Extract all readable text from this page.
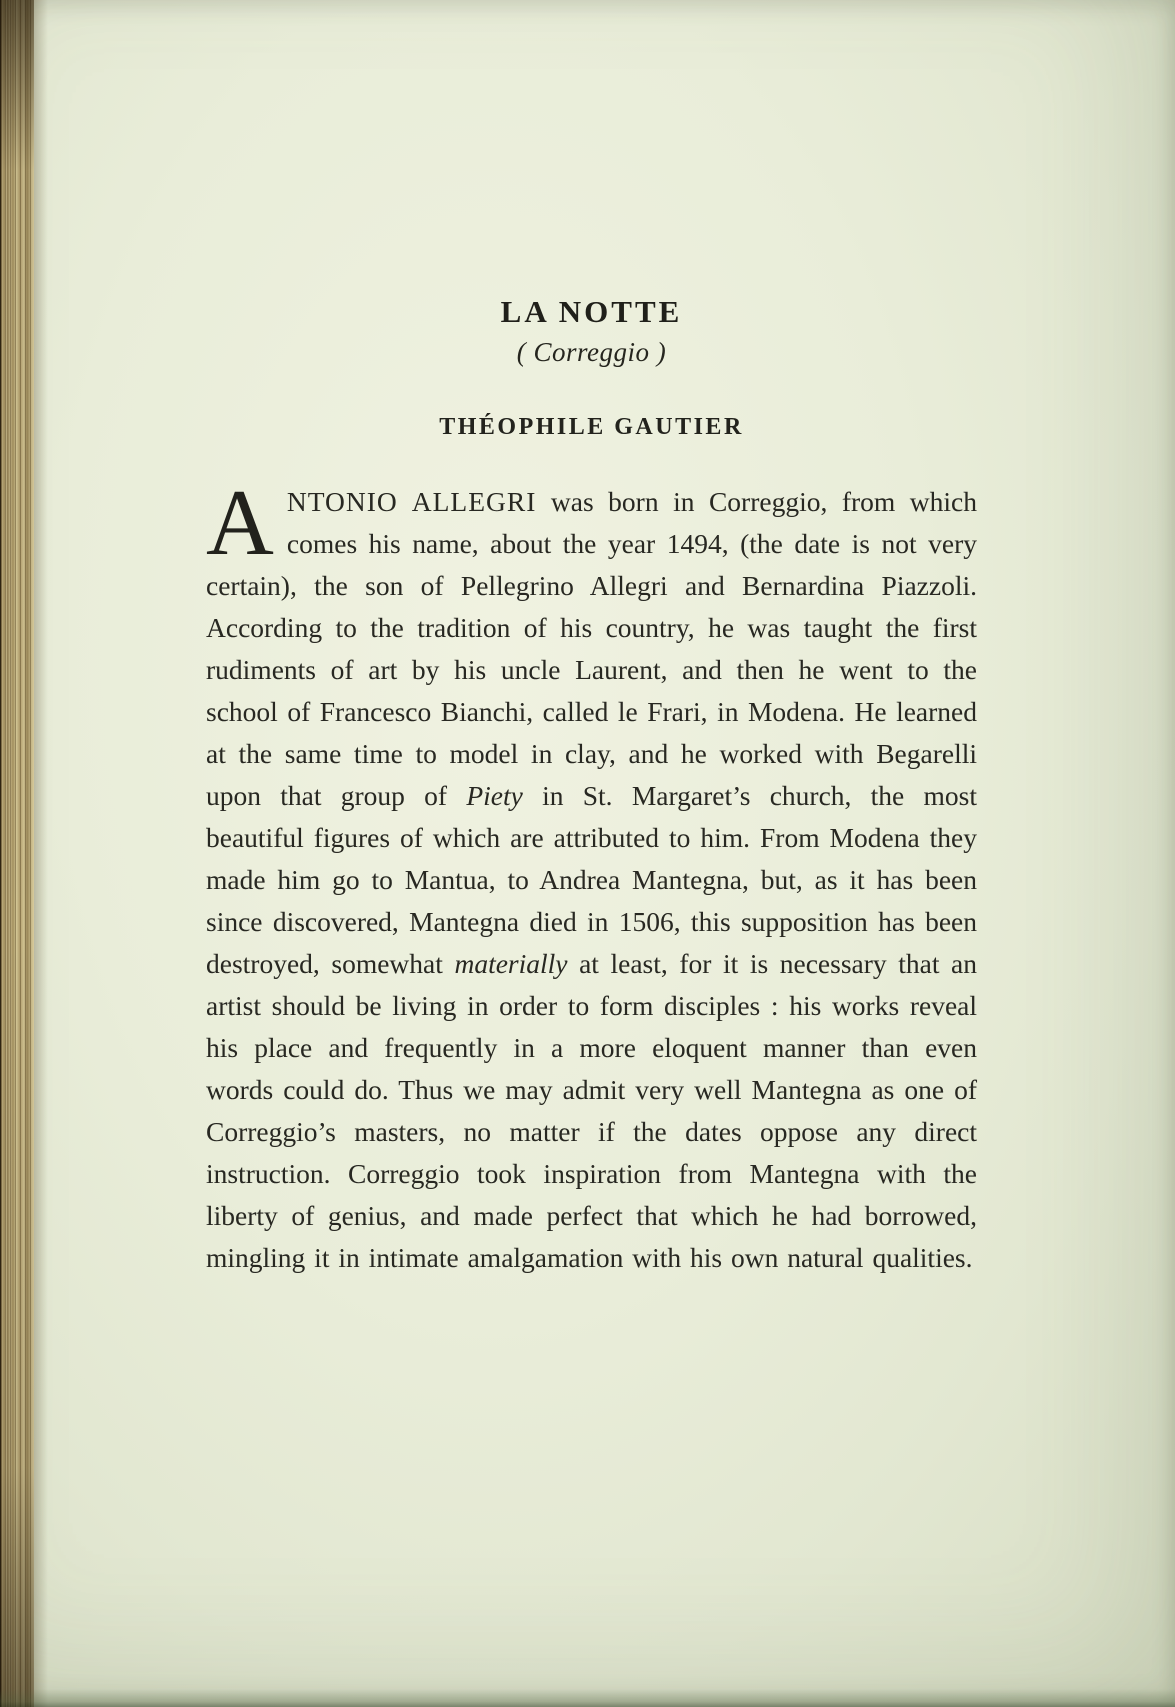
LA NOTTE
( Correggio )
THÉOPHILE GAUTIER

ANTONIO ALLEGRI was born in Correggio, from which comes his name, about the year 1494, (the date is not very certain), the son of Pellegrino Allegri and Bernardina Piazzoli. According to the tradition of his country, he was taught the first rudiments of art by his uncle Laurent, and then he went to the school of Francesco Bianchi, called le Frari, in Modena. He learned at the same time to model in clay, and he worked with Begarelli upon that group of Piety in St. Margaret’s church, the most beautiful figures of which are attributed to him. From Modena they made him go to Mantua, to Andrea Mantegna, but, as it has been since discovered, Mantegna died in 1506, this supposition has been destroyed, somewhat materially at least, for it is necessary that an artist should be living in order to form disciples : his works reveal his place and frequently in a more eloquent manner than even words could do. Thus we may admit very well Mantegna as one of Correggio’s masters, no matter if the dates oppose any direct instruction. Correggio took inspiration from Mantegna with the liberty of genius, and made perfect that which he had borrowed, mingling it in intimate amalgamation with his own natural qualities.
